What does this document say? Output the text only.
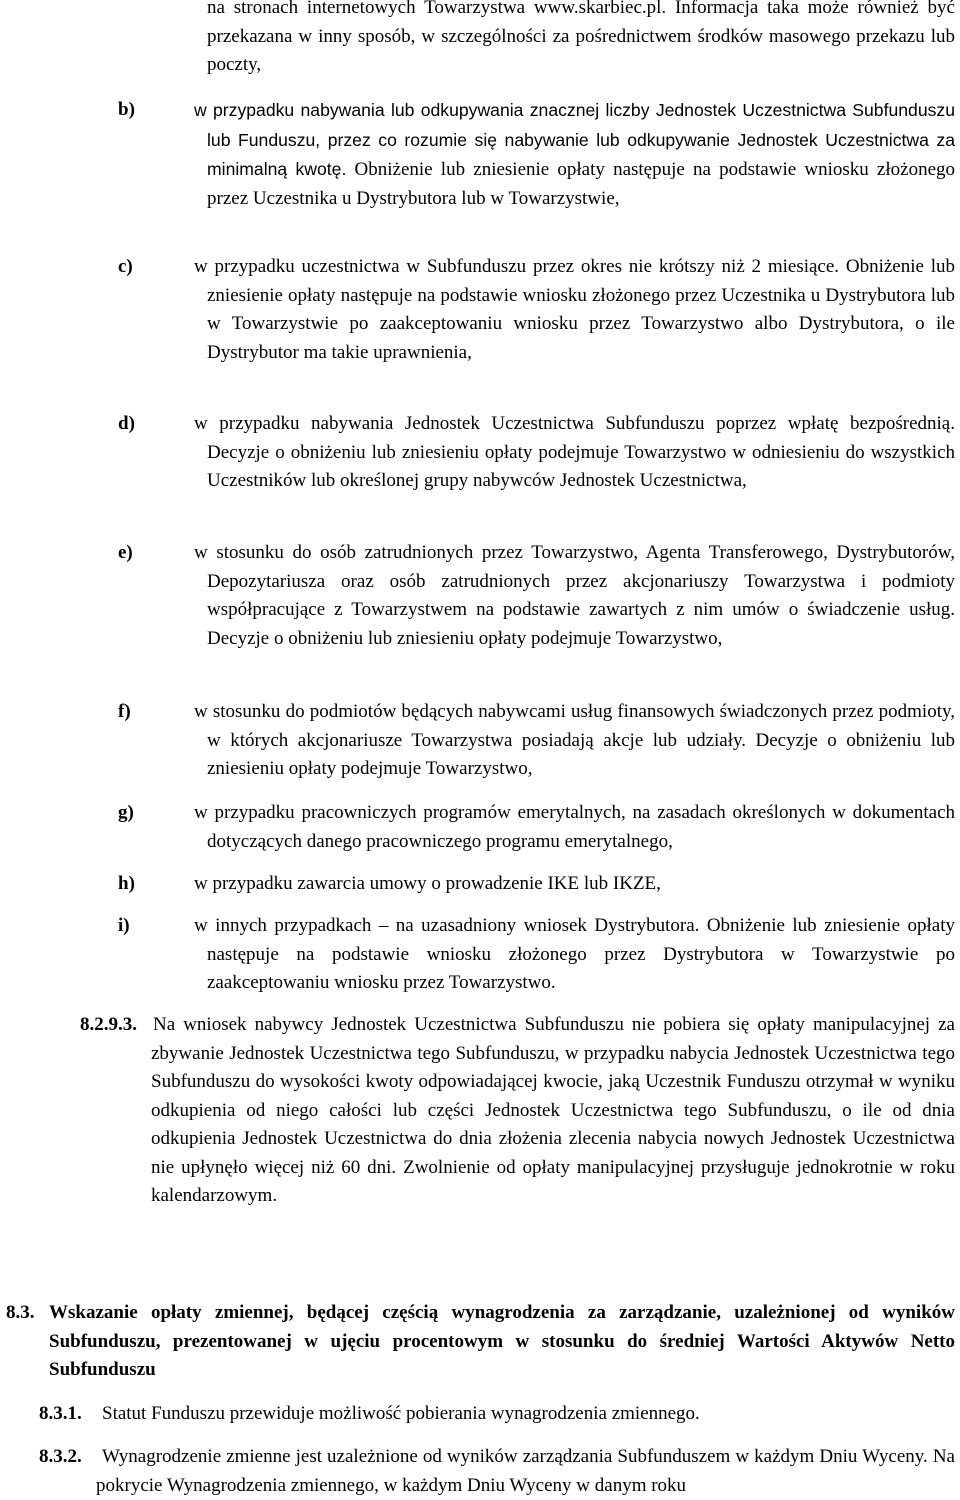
na stronach internetowych Towarzystwa www.skarbiec.pl. Informacja taka może również być przekazana w inny sposób, w szczególności za pośrednictwem środków masowego przekazu lub poczty,
b)	w przypadku nabywania lub odkupywania znacznej liczby Jednostek Uczestnictwa Subfunduszu lub Funduszu, przez co rozumie się nabywanie lub odkupywanie Jednostek Uczestnictwa za minimalną kwotę. Obniżenie lub zniesienie opłaty następuje na podstawie wniosku złożonego przez Uczestnika u Dystrybutora lub w Towarzystwie,
c)	w przypadku uczestnictwa w Subfunduszu przez okres nie krótszy niż 2 miesiące. Obniżenie lub zniesienie opłaty następuje na podstawie wniosku złożonego przez Uczestnika u Dystrybutora lub w Towarzystwie po zaakceptowaniu wniosku przez Towarzystwo albo Dystrybutora, o ile Dystrybutor ma takie uprawnienia,
d)	w przypadku nabywania Jednostek Uczestnictwa Subfunduszu poprzez wpłatę bezpośrednią. Decyzje o obniżeniu lub zniesieniu opłaty podejmuje Towarzystwo w odniesieniu do wszystkich Uczestników lub określonej grupy nabywców Jednostek Uczestnictwa,
e)	w stosunku do osób zatrudnionych przez Towarzystwo, Agenta Transferowego, Dystrybutorów, Depozytariusza oraz osób zatrudnionych przez akcjonariuszy Towarzystwa i podmioty współpracujące z Towarzystwem na podstawie zawartych z nim umów o świadczenie usług. Decyzje o obniżeniu lub zniesieniu opłaty podejmuje Towarzystwo,
f)	w stosunku do podmiotów będących nabywcami usług finansowych świadczonych przez podmioty, w których akcjonariusze Towarzystwa posiadają akcje lub udziały. Decyzje o obniżeniu lub zniesieniu opłaty podejmuje Towarzystwo,
g)	w przypadku pracowniczych programów emerytalnych, na zasadach określonych w dokumentach dotyczących danego pracowniczego programu emerytalnego,
h)	w przypadku zawarcia umowy o prowadzenie IKE lub IKZE,
i)	w innych przypadkach – na uzasadniony wniosek Dystrybutora. Obniżenie lub zniesienie opłaty następuje na podstawie wniosku złożonego przez Dystrybutora w Towarzystwie po zaakceptowaniu wniosku przez Towarzystwo.
8.2.9.3. Na wniosek nabywcy Jednostek Uczestnictwa Subfunduszu nie pobiera się opłaty manipulacyjnej za zbywanie Jednostek Uczestnictwa tego Subfunduszu, w przypadku nabycia Jednostek Uczestnictwa tego Subfunduszu do wysokości kwoty odpowiadającej kwocie, jaką Uczestnik Funduszu otrzymał w wyniku odkupienia od niego całości lub części Jednostek Uczestnictwa tego Subfunduszu, o ile od dnia odkupienia Jednostek Uczestnictwa do dnia złożenia zlecenia nabycia nowych Jednostek Uczestnictwa nie upłynęło więcej niż 60 dni. Zwolnienie od opłaty manipulacyjnej przysługuje jednokrotnie w roku kalendarzowym.
8.3. Wskazanie opłaty zmiennej, będącej częścią wynagrodzenia za zarządzanie, uzależnionej od wyników Subfunduszu, prezentowanej w ujęciu procentowym w stosunku do średniej Wartości Aktywów Netto Subfunduszu
8.3.1. Statut Funduszu przewiduje możliwość pobierania wynagrodzenia zmiennego.
8.3.2.	Wynagrodzenie zmienne jest uzależnione od wyników zarządzania Subfunduszem w każdym Dniu Wyceny. Na pokrycie Wynagrodzenia zmiennego, w każdym Dniu Wyceny w danym roku
